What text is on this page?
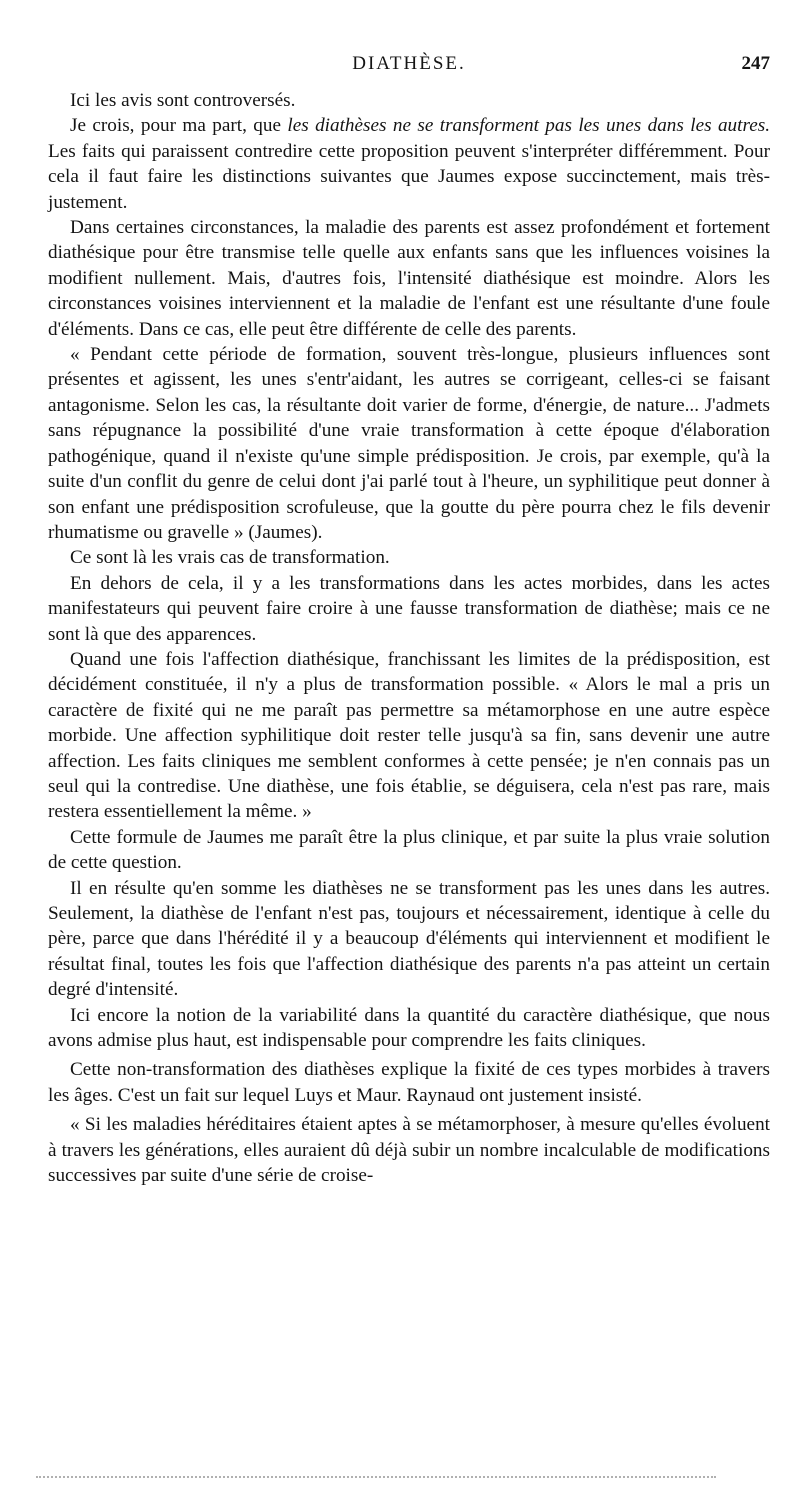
DIATHÈSE.	247

Ici les avis sont controversés.

Je crois, pour ma part, que les diathèses ne se transforment pas les unes dans les autres. Les faits qui paraissent contredire cette proposition peuvent s'interpréter différemment. Pour cela il faut faire les distinctions suivantes que Jaumes expose succinctement, mais très-justement.

Dans certaines circonstances, la maladie des parents est assez profondément et fortement diathésique pour être transmise telle quelle aux enfants sans que les influences voisines la modifient nullement. Mais, d'autres fois, l'intensité diathésique est moindre. Alors les circonstances voisines interviennent et la maladie de l'enfant est une résultante d'une foule d'éléments. Dans ce cas, elle peut être différente de celle des parents.

« Pendant cette période de formation, souvent très-longue, plusieurs influences sont présentes et agissent, les unes s'entr'aidant, les autres se corrigeant, celles-ci se faisant antagonisme. Selon les cas, la résultante doit varier de forme, d'énergie, de nature... J'admets sans répugnance la possibilité d'une vraie transformation à cette époque d'élaboration pathogénique, quand il n'existe qu'une simple prédisposition. Je crois, par exemple, qu'à la suite d'un conflit du genre de celui dont j'ai parlé tout à l'heure, un syphilitique peut donner à son enfant une prédisposition scrofuleuse, que la goutte du père pourra chez le fils devenir rhumatisme ou gravelle » (Jaumes).

Ce sont là les vrais cas de transformation.

En dehors de cela, il y a les transformations dans les actes morbides, dans les actes manifestateurs qui peuvent faire croire à une fausse transformation de diathèse; mais ce ne sont là que des apparences.

Quand une fois l'affection diathésique, franchissant les limites de la prédisposition, est décidément constituée, il n'y a plus de transformation possible. « Alors le mal a pris un caractère de fixité qui ne me paraît pas permettre sa métamorphose en une autre espèce morbide. Une affection syphilitique doit rester telle jusqu'à sa fin, sans devenir une autre affection. Les faits cliniques me semblent conformes à cette pensée; je n'en connais pas un seul qui la contredise. Une diathèse, une fois établie, se déguisera, cela n'est pas rare, mais restera essentiellement la même. »

Cette formule de Jaumes me paraît être la plus clinique, et par suite la plus vraie solution de cette question.

Il en résulte qu'en somme les diathèses ne se transforment pas les unes dans les autres. Seulement, la diathèse de l'enfant n'est pas, toujours et nécessairement, identique à celle du père, parce que dans l'hérédité il y a beaucoup d'éléments qui interviennent et modifient le résultat final, toutes les fois que l'affection diathésique des parents n'a pas atteint un certain degré d'intensité.

Ici encore la notion de la variabilité dans la quantité du caractère diathésique, que nous avons admise plus haut, est indispensable pour comprendre les faits cliniques.

Cette non-transformation des diathèses explique la fixité de ces types morbides à travers les âges. C'est un fait sur lequel Luys et Maur. Raynaud ont justement insisté.

« Si les maladies héréditaires étaient aptes à se métamorphoser, à mesure qu'elles évoluent à travers les générations, elles auraient dû déjà subir un nombre incalculable de modifications successives par suite d'une série de croise-
